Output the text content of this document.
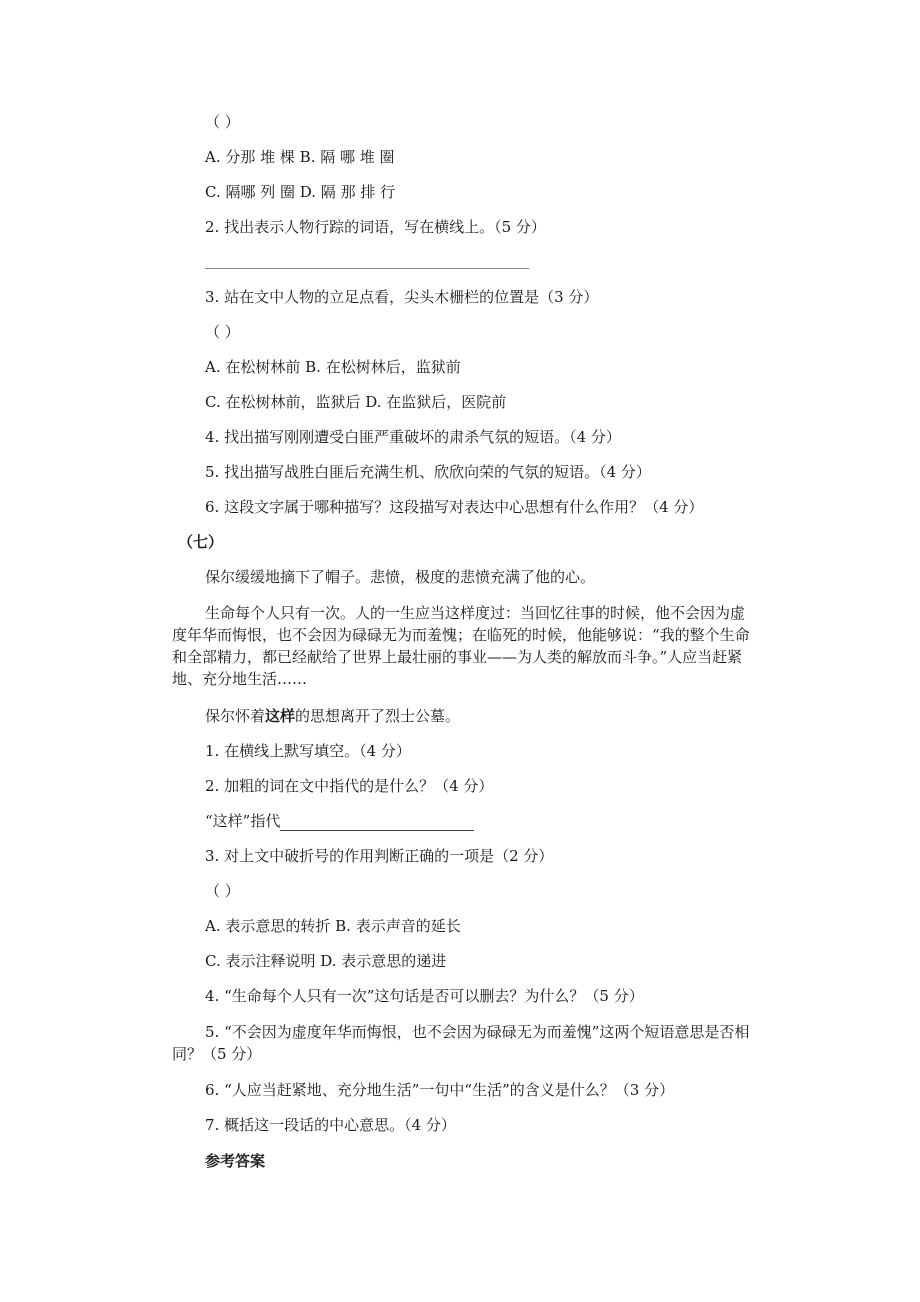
（ ）
A. 分那 堆 棵 B. 隔 哪 堆 圈
C. 隔哪 列 圈 D. 隔 那 排 行
2. 找出表示人物行踪的词语，写在横线上。（5 分）
3. 站在文中人物的立足点看，尖头木栅栏的位置是（3 分）
（ ）
A. 在松树林前 B. 在松树林后，监狱前
C. 在松树林前，监狱后 D. 在监狱后，医院前
4. 找出描写刚刚遭受白匪严重破坏的肃杀气氛的短语。（4 分）
5. 找出描写战胜白匪后充满生机、欣欣向荣的气氛的短语。（4 分）
6. 这段文字属于哪种描写？这段描写对表达中心思想有什么作用？（4 分）
（七）
保尔缓缓地摘下了帽子。悲愤，极度的悲愤充满了他的心。
生命每个人只有一次。人的一生应当这样度过：当回忆往事的时候，他不会因为虚度年华而悔恨，也不会因为碌碌无为而羞愧；在临死的时候，他能够说：“我的整个生命和全部精力，都已经献给了世界上最壮丽的事业——为人类的解放而斗争。”人应当赶紧地、充分地生活……
保尔怀着这样的思想离开了烈士公墓。
1. 在横线上默写填空。（4 分）
2. 加粗的词在文中指代的是什么？（4 分）
“这样”指代
3. 对上文中破折号的作用判断正确的一项是（2 分）
（ ）
A. 表示意思的转折 B. 表示声音的延长
C. 表示注释说明 D. 表示意思的递进
4. “生命每个人只有一次”这句话是否可以删去？为什么？（5 分）
5. “不会因为虚度年华而悔恨，也不会因为碌碌无为而羞愧”这两个短语意思是否相同？（5 分）
6. “人应当赶紧地、充分地生活”一句中“生活”的含义是什么？（3 分）
7. 概括这一段话的中心意思。（4 分）
参考答案
